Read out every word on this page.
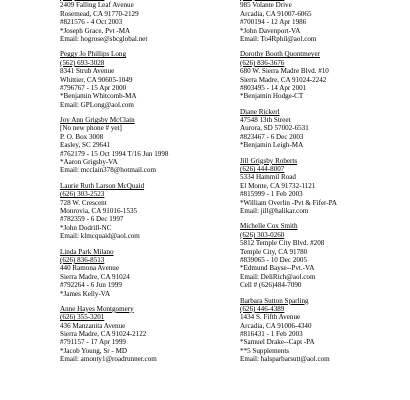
2409 Falling Leaf Avenue
Rosemead, CA 91770-2129
#821576 - 4 Oct 2003
*Joseph Grace, Pvt -MA
Email: hogrose@sbcglobal.net
Peggy Jo Phillips Long
(562) 693-3028
8341 Strub Avenue
Whittier, CA 90605-1049
#796767 - 15 Apr 2000
*Benjamin Whitcomb-MA
Email: GPLong@aol.com
Joy Ann Grigsby McClain
[No new phone # yet]
P. O. Box 3008
Easley, SC 29641
#762179 - 15 Oct 1994 T/16 Jun 1998
*Aaron Grigsby-VA
Email: mcclain378@hotmail.com
Laurie Ruth Larson McQuaid
(626) 303-2523
728 W. Crescent
Monrovia, CA 91016-1535
#782359 - 6 Dec 1997
*John Dodrill-NC
Email: klmcquaid@aol.com
Linda Park Milano
(626) 836-8513
440 Ramona Avenue
Sierra Madre, CA 91024
#792264 - 6 Jun 1999
*James Kelly-VA
Anne Hayes Montgomery
(626) 355-3201
436 Manzanita Avenue
Sierra Madre, CA 91024-2122
#791157 - 17 Apr 1999
*Jacob Young, Sr - MD
Email: amonty1@roadrunner.com
985 Volante Drive
Arcadia, CA 91007-6065
#700194 - 12 Apr 1986
*John Davenport-VA
Email: To4Rphil@aol.com
Dorothy Booth Quontmeyer
(626) 836-3676
680 W. Sierra Madre Blvd. #10
Sierra Madre, CA 91024-2242
#803495 - 14 Apr 2001
*Benjamin Hodge-CT
Diane Rickerl
47548 13th Street
Aurora, SD 57002-6531
#823467 - 6 Dec 2003
*Benjamin Leigh-MA
Jill Grigsby Roberts
(626) 444-8007
5334 Hammil Road
El Monte, CA 91732-1121
#815999 - 1 Feb 2003
*William Overlin -Pvt & Fifer-PA
Email: jill@halikar.com
Michelle Cox Smith
(626) 303-0260
5812 Temple City Blvd. #208
Temple City, CA 91780
#839065 - 10 Dec 2005
*Edmund Bayse--Pvt.-VA
Email: DeliRich@aol.com
Cell # (626)484-7090
Barbara Sutton Sparling
(626) 446-4389
1434 S. Fifth Avenue
Arcadia, CA 91006-4340
#816431 - 1 Feb 2003
*Samuel Drake--Capt -PA
**5 Supplements
Email: halsparbarsutt@aol.com
